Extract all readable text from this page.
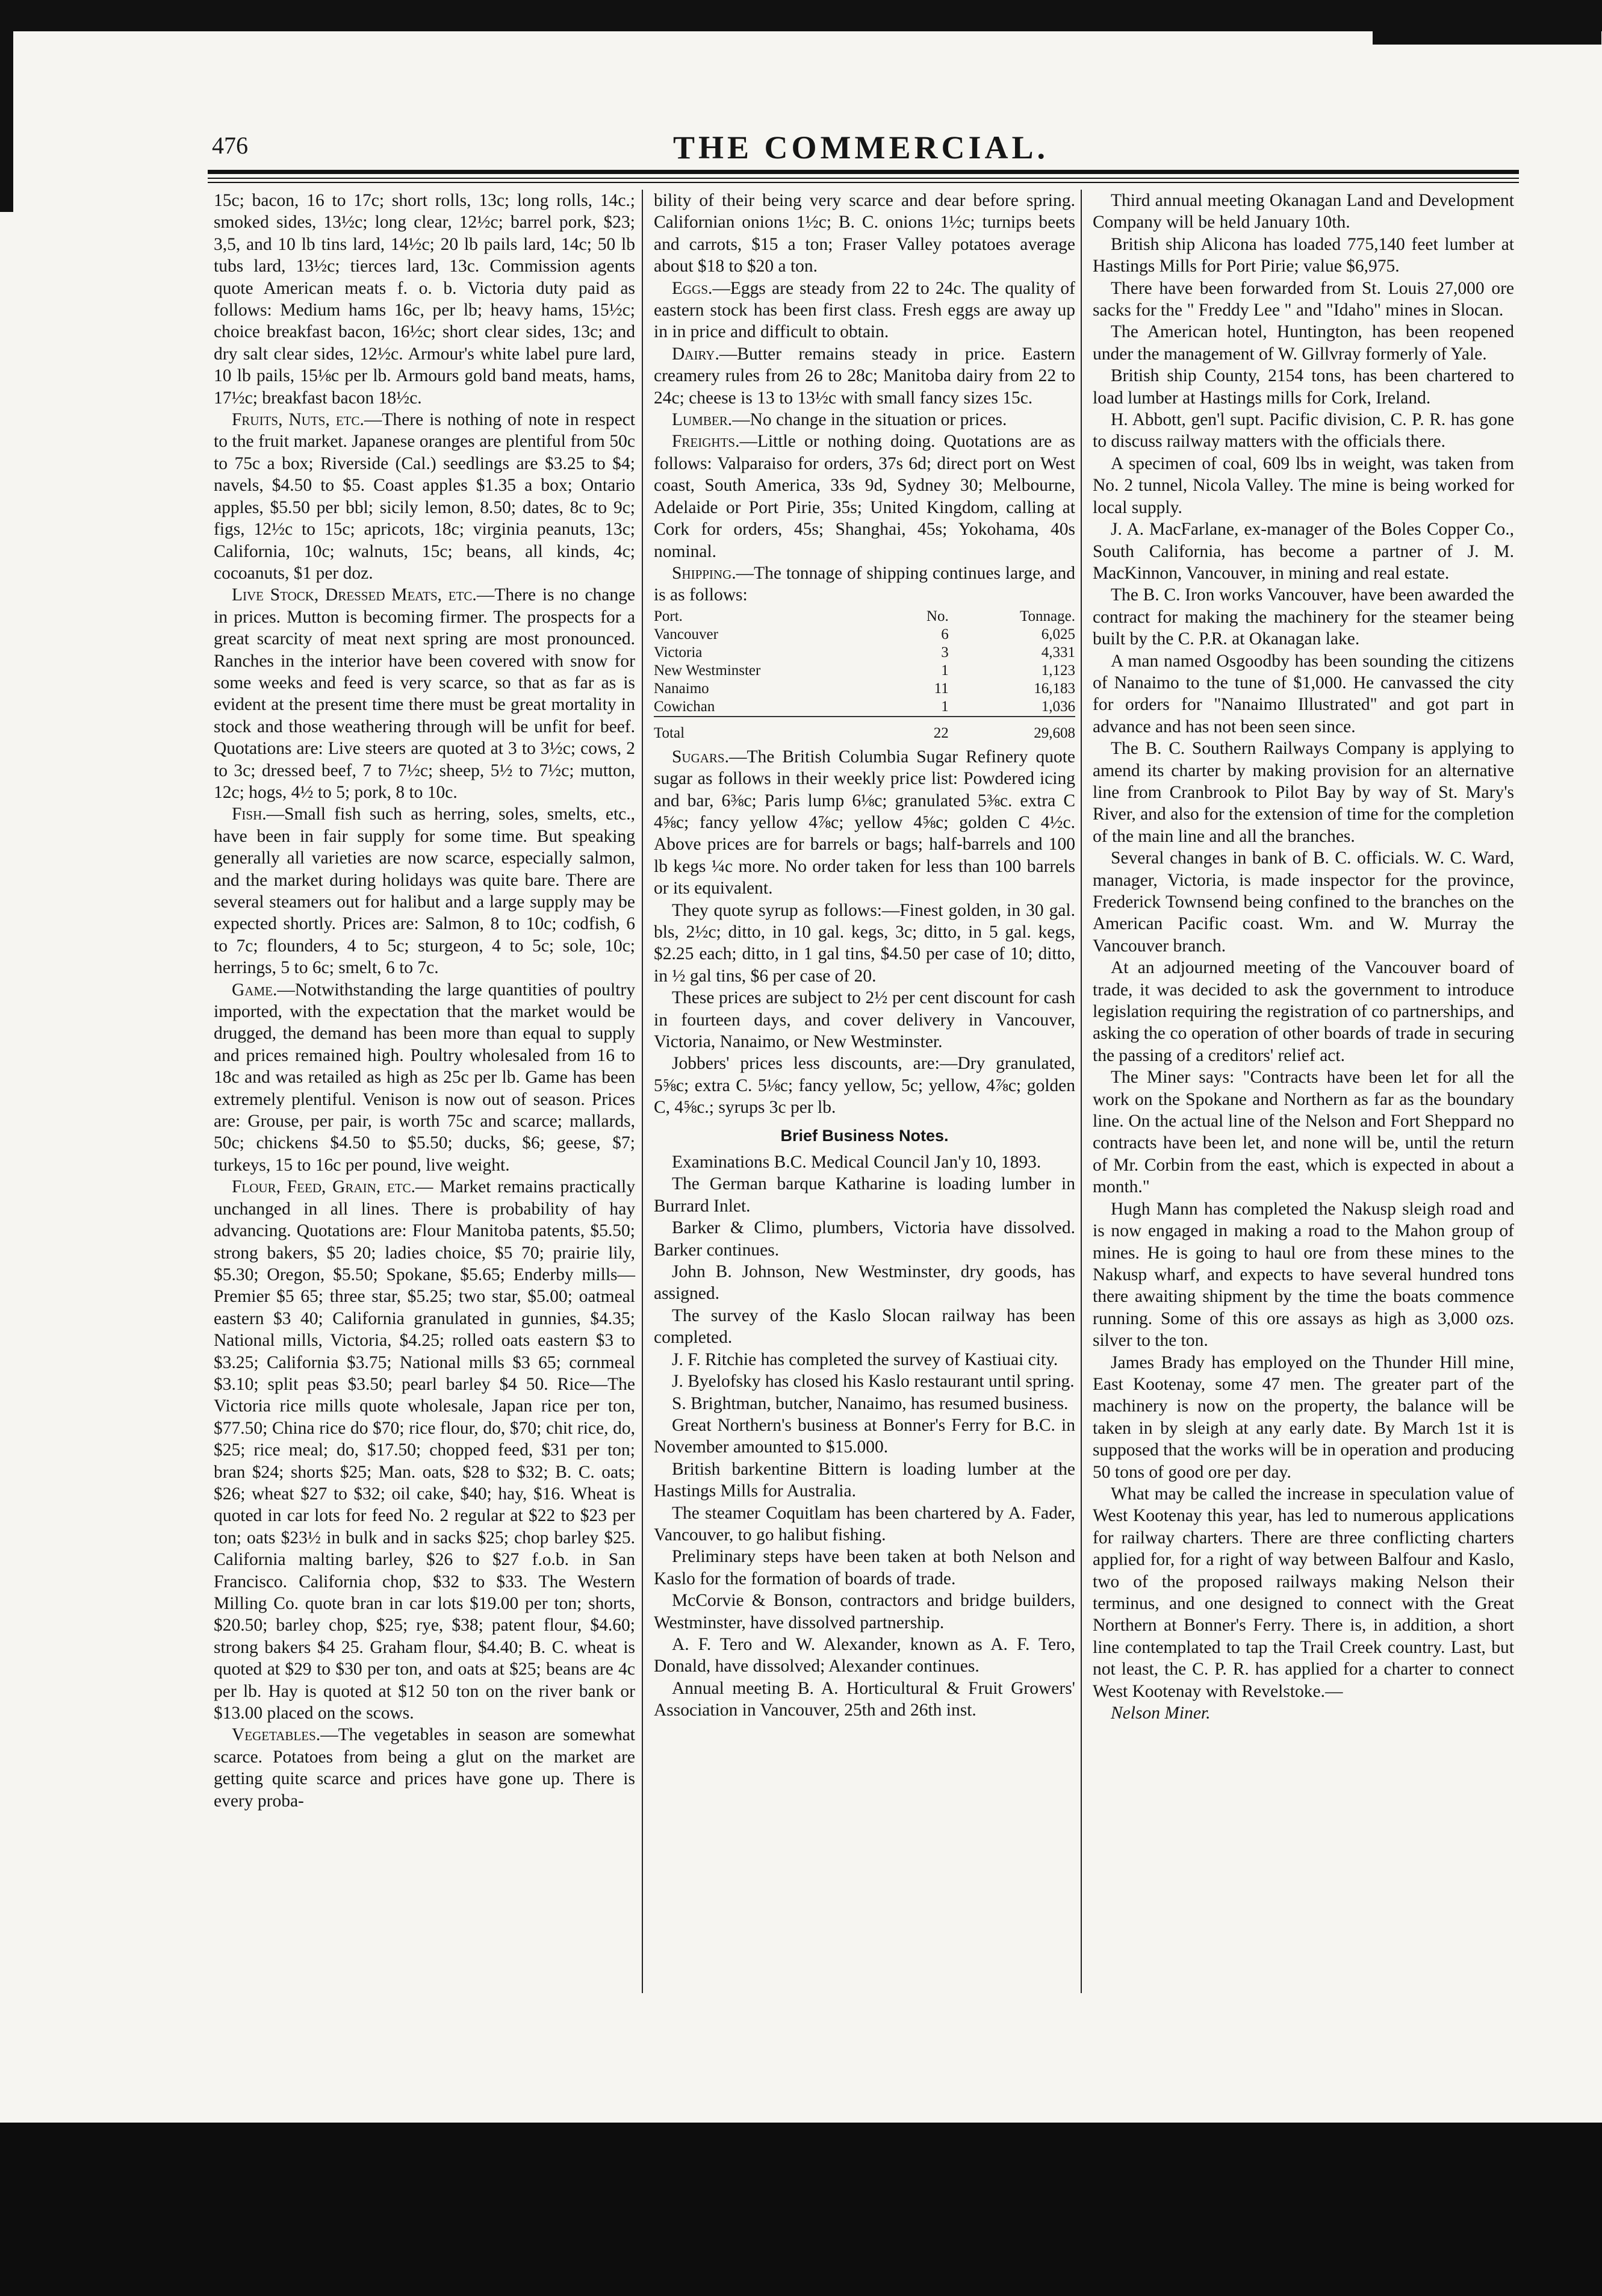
476	THE COMMERCIAL.

15c; bacon, 16 to 17c; short rolls, 13c; long rolls, 14c.; smoked sides, 13½c; long clear, 12½c; barrel pork, $23; 3,5, and 10 lb tins lard, 14½c; 20 lb pails lard, 14c; 50 lb tubs lard, 13½c; tierces lard, 13c. Commission agents quote American meats f. o. b. Victoria duty paid as follows: Medium hams 16c, per lb; heavy hams, 15½c; choice breakfast bacon, 16½c; short clear sides, 13c; and dry salt clear sides, 12½c. Armour's white label pure lard, 10 lb pails, 15⅛c per lb. Armours gold band meats, hams, 17½c; breakfast bacon 18½c.

Fruits, Nuts, etc.—There is nothing of note in respect to the fruit market. Japanese oranges are plentiful from 50c to 75c a box; Riverside (Cal.) seedlings are $3.25 to $4; navels, $4.50 to $5. Coast apples $1.35 a box; Ontario apples, $5.50 per bbl; sicily lemon, 8.50; dates, 8c to 9c; figs, 12½c to 15c; apricots, 18c; virginia peanuts, 13c; California, 10c; walnuts, 15c; beans, all kinds, 4c; cocoanuts, $1 per doz.

Live Stock, Dressed Meats, etc.—There is no change in prices. Mutton is becoming firmer. The prospects for a great scarcity of meat next spring are most pronounced. Ranches in the interior have been covered with snow for some weeks and feed is very scarce, so that as far as is evident at the present time there must be great mortality in stock and those weathering through will be unfit for beef. Quotations are: Live steers are quoted at 3 to 3½c; cows, 2 to 3c; dressed beef, 7 to 7½c; sheep, 5½ to 7½c; mutton, 12c; hogs, 4½ to 5; pork, 8 to 10c.

Fish.—Small fish such as herring, soles, smelts, etc., have been in fair supply for some time. But speaking generally all varieties are now scarce, especially salmon, and the market during holidays was quite bare. There are several steamers out for halibut and a large supply may be expected shortly. Prices are: Salmon, 8 to 10c; codfish, 6 to 7c; flounders, 4 to 5c; sturgeon, 4 to 5c; sole, 10c; herrings, 5 to 6c; smelt, 6 to 7c.

Game.—Notwithstanding the large quantities of poultry imported, with the expectation that the market would be drugged, the demand has been more than equal to supply and prices remained high. Poultry wholesaled from 16 to 18c and was retailed as high as 25c per lb. Game has been extremely plentiful. Venison is now out of season. Prices are: Grouse, per pair, is worth 75c and scarce; mallards, 50c; chickens $4.50 to $5.50; ducks, $6; geese, $7; turkeys, 15 to 16c per pound, live weight.

Flour, Feed, Grain, etc.— Market remains practically unchanged in all lines. There is probability of hay advancing. Quotations are: Flour Manitoba patents, $5.50; strong bakers, $5 20; ladies choice, $5 70; prairie lily, $5.30; Oregon, $5.50; Spokane, $5.65; Enderby mills—Premier $5 65; three star, $5.25; two star, $5.00; oatmeal eastern $3 40; California granulated in gunnies, $4.35; National mills, Victoria, $4.25; rolled oats eastern $3 to $3.25; California $3.75; National mills $3 65; cornmeal $3.10; split peas $3.50; pearl barley $4 50. Rice—The Victoria rice mills quote wholesale, Japan rice per ton, $77.50; China rice do $70; rice flour, do, $70; chit rice, do, $25; rice meal; do, $17.50; chopped feed, $31 per ton; bran $24; shorts $25; Man. oats, $28 to $32; B. C. oats; $26; wheat $27 to $32; oil cake, $40; hay, $16. Wheat is quoted in car lots for feed No. 2 regular at $22 to $23 per ton; oats $23½ in bulk and in sacks $25; chop barley $25. California malting barley, $26 to $27 f.o.b. in San Francisco. California chop, $32 to $33. The Western Milling Co. quote bran in car lots $19.00 per ton; shorts, $20.50; barley chop, $25; rye, $38; patent flour, $4.60; strong bakers $4 25. Graham flour, $4.40; B. C. wheat is quoted at $29 to $30 per ton, and oats at $25; beans are 4c per lb. Hay is quoted at $12 50 ton on the river bank or $13.00 placed on the scows.

Vegetables.—The vegetables in season are somewhat scarce. Potatoes from being a glut on the market are getting quite scarce and prices have gone up. There is every proba-

bility of their being very scarce and dear before spring. Californian onions 1½c; B. C. onions 1½c; turnips beets and carrots, $15 a ton; Fraser Valley potatoes average about $18 to $20 a ton.

Eggs.—Eggs are steady from 22 to 24c. The quality of eastern stock has been first class. Fresh eggs are away up in in price and difficult to obtain.

Dairy.—Butter remains steady in price. Eastern creamery rules from 26 to 28c; Manitoba dairy from 22 to 24c; cheese is 13 to 13½c with small fancy sizes 15c.

Lumber.—No change in the situation or prices.

Freights.—Little or nothing doing. Quotations are as follows: Valparaiso for orders, 37s 6d; direct port on West coast, South America, 33s 9d, Sydney 30; Melbourne, Adelaide or Port Pirie, 35s; United Kingdom, calling at Cork for orders, 45s; Shanghai, 45s; Yokohama, 40s nominal.

Shipping.—The tonnage of shipping continues large, and is as follows:

Port.	No.	Tonnage.
Vancouver	6	6,025
Victoria	3	4,331
New Westminster	1	1,123
Nanaimo	11	16,183
Cowichan	1	1,036

Total	22	29,608

Sugars.—The British Columbia Sugar Refinery quote sugar as follows in their weekly price list: Powdered icing and bar, 6⅜c; Paris lump 6⅛c; granulated 5⅜c. extra C 4⅝c; fancy yellow 4⅞c; yellow 4⅝c; golden C 4½c. Above prices are for barrels or bags; half-barrels and 100 lb kegs ¼c more. No order taken for less than 100 barrels or its equivalent.

They quote syrup as follows:—Finest golden, in 30 gal. bls, 2½c; ditto, in 10 gal. kegs, 3c; ditto, in 5 gal. kegs, $2.25 each; ditto, in 1 gal tins, $4.50 per case of 10; ditto, in ½ gal tins, $6 per case of 20.

These prices are subject to 2½ per cent discount for cash in fourteen days, and cover delivery in Vancouver, Victoria, Nanaimo, or New Westminster.

Jobbers' prices less discounts, are:—Dry granulated, 5⅝c; extra C. 5⅛c; fancy yellow, 5c; yellow, 4⅞c; golden C, 4⅝c.; syrups 3c per lb.

Brief Business Notes.

Examinations B.C. Medical Council Jan'y 10, 1893.

The German barque Katharine is loading lumber in Burrard Inlet.

Barker & Climo, plumbers, Victoria have dissolved. Barker continues.

John B. Johnson, New Westminster, dry goods, has assigned.

The survey of the Kaslo Slocan railway has been completed.

J. F. Ritchie has completed the survey of Kastiuai city.

J. Byelofsky has closed his Kaslo restaurant until spring.

S. Brightman, butcher, Nanaimo, has resumed business.

Great Northern's business at Bonner's Ferry for B.C. in November amounted to $15.000.

British barkentine Bittern is loading lumber at the Hastings Mills for Australia.

The steamer Coquitlam has been chartered by A. Fader, Vancouver, to go halibut fishing.

Preliminary steps have been taken at both Nelson and Kaslo for the formation of boards of trade.

McCorvie & Bonson, contractors and bridge builders, Westminster, have dissolved partnership.

A. F. Tero and W. Alexander, known as A. F. Tero, Donald, have dissolved; Alexander continues.

Annual meeting B. A. Horticultural & Fruit Growers' Association in Vancouver, 25th and 26th inst.

Third annual meeting Okanagan Land and Development Company will be held January 10th.

British ship Alicona has loaded 775,140 feet lumber at Hastings Mills for Port Pirie; value $6,975.

There have been forwarded from St. Louis 27,000 ore sacks for the " Freddy Lee " and "Idaho" mines in Slocan.

The American hotel, Huntington, has been reopened under the management of W. Gillvray formerly of Yale.

British ship County, 2154 tons, has been chartered to load lumber at Hastings mills for Cork, Ireland.

H. Abbott, gen'l supt. Pacific division, C. P. R. has gone to discuss railway matters with the officials there.

A specimen of coal, 609 lbs in weight, was taken from No. 2 tunnel, Nicola Valley. The mine is being worked for local supply.

J. A. MacFarlane, ex-manager of the Boles Copper Co., South California, has become a partner of J. M. MacKinnon, Vancouver, in mining and real estate.

The B. C. Iron works Vancouver, have been awarded the contract for making the machinery for the steamer being built by the C. P.R. at Okanagan lake.

A man named Osgoodby has been sounding the citizens of Nanaimo to the tune of $1,000. He canvassed the city for orders for "Nanaimo Illustrated" and got part in advance and has not been seen since.

The B. C. Southern Railways Company is applying to amend its charter by making provision for an alternative line from Cranbrook to Pilot Bay by way of St. Mary's River, and also for the extension of time for the completion of the main line and all the branches.

Several changes in bank of B. C. officials. W. C. Ward, manager, Victoria, is made inspector for the province, Frederick Townsend being confined to the branches on the American Pacific coast. Wm. and W. Murray the Vancouver branch.

At an adjourned meeting of the Vancouver board of trade, it was decided to ask the government to introduce legislation requiring the registration of co partnerships, and asking the co operation of other boards of trade in securing the passing of a creditors' relief act.

The Miner says: "Contracts have been let for all the work on the Spokane and Northern as far as the boundary line. On the actual line of the Nelson and Fort Sheppard no contracts have been let, and none will be, until the return of Mr. Corbin from the east, which is expected in about a month."

Hugh Mann has completed the Nakusp sleigh road and is now engaged in making a road to the Mahon group of mines. He is going to haul ore from these mines to the Nakusp wharf, and expects to have several hundred tons there awaiting shipment by the time the boats commence running. Some of this ore assays as high as 3,000 ozs. silver to the ton.

James Brady has employed on the Thunder Hill mine, East Kootenay, some 47 men. The greater part of the machinery is now on the property, the balance will be taken in by sleigh at any early date. By March 1st it is supposed that the works will be in operation and producing 50 tons of good ore per day.

What may be called the increase in speculation value of West Kootenay this year, has led to numerous applications for railway charters. There are three conflicting charters applied for, for a right of way between Balfour and Kaslo, two of the proposed railways making Nelson their terminus, and one designed to connect with the Great Northern at Bonner's Ferry. There is, in addition, a short line contemplated to tap the Trail Creek country. Last, but not least, the C. P. R. has applied for a charter to connect West Kootenay with Revelstoke.—

Nelson Miner.
